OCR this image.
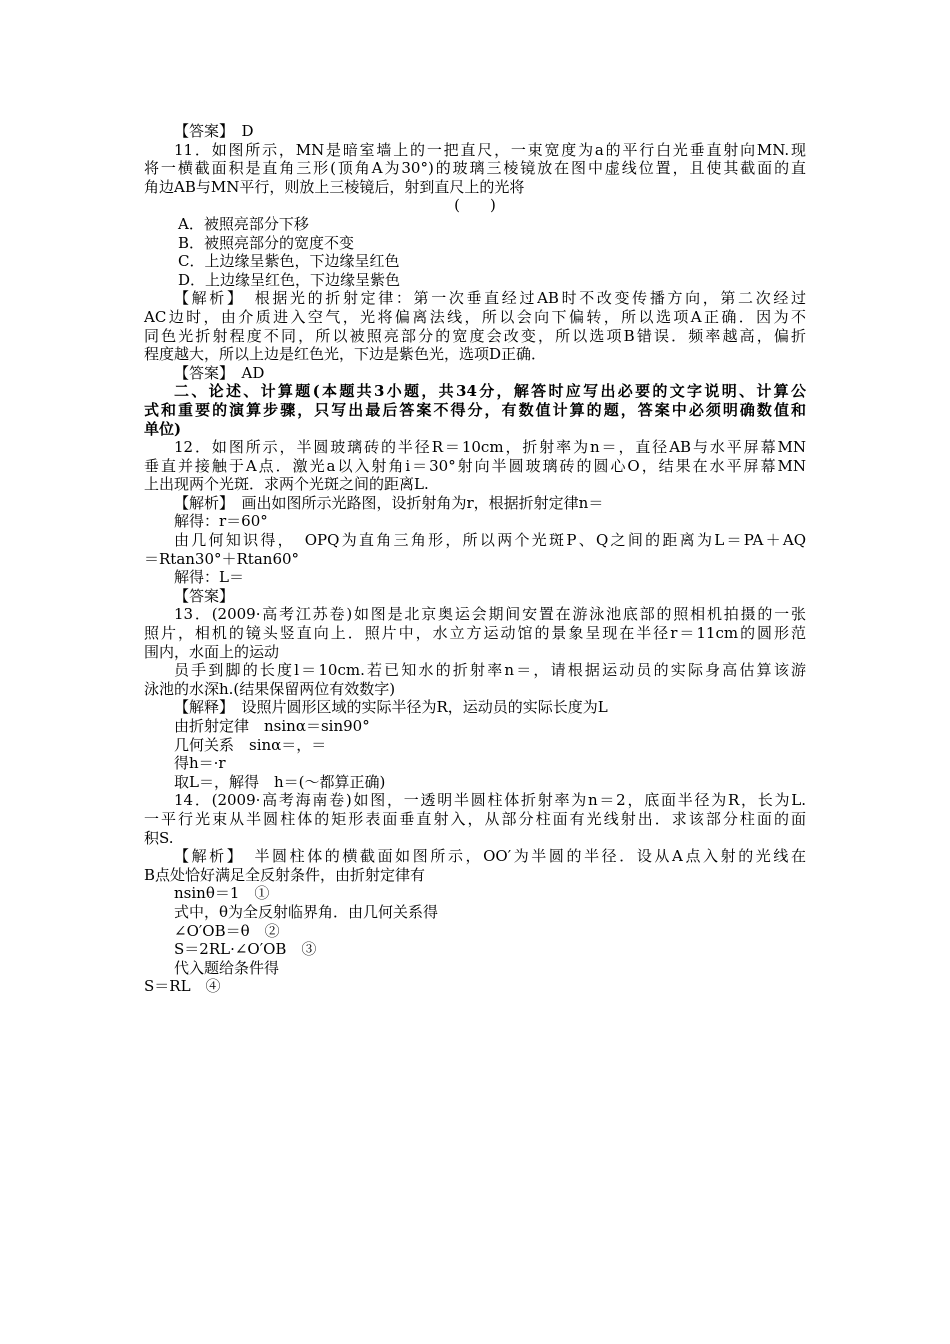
【答案】　D

11．如图所示，MN是暗室墙上的一把直尺，一束宽度为a的平行白光垂直射向MN.现

将一横截面积是直角三形(顶角A为30°)的玻璃三棱镜放在图中虚线位置，且使其截面的直

角边AB与MN平行，则放上三棱镜后，射到直尺上的光将

(　　)

A．被照亮部分下移

B．被照亮部分的宽度不变

C．上边缘呈紫色，下边缘呈红色

D．上边缘呈红色，下边缘呈紫色

【解析】　根据光的折射定律：第一次垂直经过AB时不改变传播方向，第二次经过

AC边时，由介质进入空气，光将偏离法线，所以会向下偏转，所以选项A正确．因为不

同色光折射程度不同，所以被照亮部分的宽度会改变，所以选项B错误．频率越高，偏折

程度越大，所以上边是红色光，下边是紫色光，选项D正确．

【答案】　AD

二、论述、计算题(本题共3小题，共34分，解答时应写出必要的文字说明、计算公

式和重要的演算步骤，只写出最后答案不得分，有数值计算的题，答案中必须明确数值和

单位)

12．如图所示，半圆玻璃砖的半径R＝10cm，折射率为n＝，直径AB与水平屏幕MN

垂直并接触于A点．激光a以入射角i＝30°射向半圆玻璃砖的圆心O，结果在水平屏幕MN

上出现两个光斑．求两个光斑之间的距离L.

【解析】　画出如图所示光路图，设折射角为r，根据折射定律n＝

解得：r＝60°

由几何知识得，　OPQ为直角三角形，所以两个光斑P、Q之间的距离为L＝PA＋AQ

＝Rtan30°＋Rtan60°

解得：L＝

【答案】

13．(2009·高考江苏卷)如图是北京奥运会期间安置在游泳池底部的照相机拍摄的一张

照片，相机的镜头竖直向上．照片中，水立方运动馆的景象呈现在半径r＝11cm的圆形范

围内，水面上的运动

员手到脚的长度l＝10cm.若已知水的折射率n＝，请根据运动员的实际身高估算该游

泳池的水深h.(结果保留两位有效数字)

【解释】　设照片圆形区域的实际半径为R，运动员的实际长度为L

由折射定律　nsinα＝sin90°

几何关系　sinα＝，＝

得h＝·r

取L＝，解得　h＝(～都算正确)

14．(2009·高考海南卷)如图，一透明半圆柱体折射率为n＝2，底面半径为R，长为L.

一平行光束从半圆柱体的矩形表面垂直射入，从部分柱面有光线射出．求该部分柱面的面

积S.

【解析】　半圆柱体的横截面如图所示，OO′为半圆的半径．设从A点入射的光线在

B点处恰好满足全反射条件，由折射定律有

nsinθ＝1　①

式中，θ为全反射临界角．由几何关系得

∠O′OB＝θ　②

S＝2RL·∠O′OB　③

代入题给条件得

S＝RL　④
